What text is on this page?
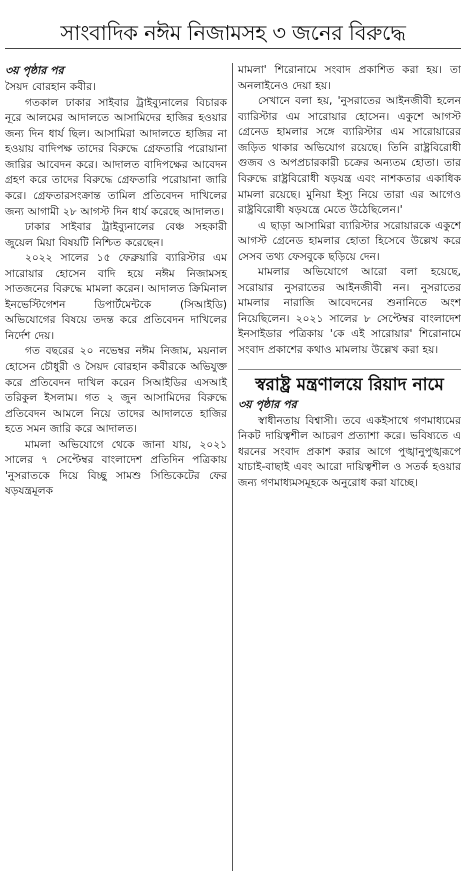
সাংবাদিক নঈম নিজামসহ ৩ জনের বিরুদ্ধে
৩য় পৃষ্ঠার পর

সৈয়দ বোরহান কবীর।

গতকাল ঢাকার সাইবার ট্রাইব্যুনালের বিচারক নূরে আলমের আদালতে আসামিদের হাজির হওয়ার জন্য দিন ধার্য ছিল। আসামিরা আদালতে হাজির না হওয়ায় বাদিপক্ষ তাদের বিরুদ্ধে গ্রেফতারি পরোয়ানা জারির আবেদন করে। আদালত বাদিপক্ষের আবেদন গ্রহণ করে তাদের বিরুদ্ধে গ্রেফতারি পরোয়ানা জারি করে। গ্রেফতারসংক্রান্ত তামিল প্রতিবেদন দাখিলের জন্য আগামী ২৮ আগস্ট দিন ধার্য করেছে আদালত।

ঢাকার সাইবার ট্রাইব্যুনালের বেঞ্চ সহকারী জুয়েল মিয়া বিষয়টি নিশ্চিত করেছেন।

২০২২ সালের ১৫ ফেব্রুয়ারি ব্যারিস্টার এম সারোয়ার হোসেন বাদি হয়ে নঈম নিজামসহ সাতজনের বিরুদ্ধে মামলা করেন। আদালত ক্রিমিনাল ইনভেস্টিগেশন ডিপার্টমেন্টকে (সিআইডি) অভিযোগের বিষয়ে তদন্ত করে প্রতিবেদন দাখিলের নির্দেশ দেয়।

গত বছরের ২০ নভেম্বর নঈম নিজাম, ময়নাল হোসেন চৌধুরী ও সৈয়দ বোরহান কবীরকে অভিযুক্ত করে প্রতিবেদন দাখিল করেন সিআইডির এসআই তরিকুল ইসলাম। গত ২ জুন আসামিদের বিরুদ্ধে প্রতিবেদন আমলে নিয়ে তাদের আদালতে হাজির হতে সমন জারি করে আদালত।

মামলা অভিযোগে থেকে জানা যায়, ২০২১ সালের ৭ সেপ্টেম্বর বাংলাদেশ প্রতিদিন পত্রিকায় 'নুসরাতকে দিয়ে বিচ্ছু সামশু সিন্ডিকেটের ফের ষড়যন্ত্রমূলক

মামলা' শিরোনামে সংবাদ প্রকাশিত করা হয়। তা অনলাইনেও দেয়া হয়।

সেখানে বলা হয়, 'নুসরাতের আইনজীবী হলেন ব্যারিস্টার এম সারোয়ার হোসেন। একুশে আগস্ট গ্রেনেড হামলার সঙ্গে ব্যারিস্টার এম সারোয়ারের জড়িত থাকার অভিযোগ রয়েছে। তিনি রাষ্ট্রবিরোধী গুজব ও অপপ্রচারকারী চক্রের অন্যতম হোতা। তার বিরুদ্ধে রাষ্ট্রবিরোধী ষড়যন্ত্র এবং নাশকতার একাধিক মামলা রয়েছে। মুনিয়া ইস্যু নিয়ে তারা এর আগেও রাষ্ট্রবিরোধী ষড়যন্ত্রে মেতে উঠেছিলেন।'

এ ছাড়া আসামিরা ব্যারিস্টার সরোয়ারকে একুশে আগস্ট গ্রেনেড হামলার হোতা হিসেবে উল্লেখ করে সেসব তথ্য ফেসবুকে ছড়িয়ে দেন।

মামলার অভিযোগে আরো বলা হয়েছে, সরোয়ার নুসরাতের আইনজীবী নন। নুসরাতের মামলার নারাজি আবেদনের শুনানিতে অংশ নিয়েছিলেন। ২০২১ সালের ৮ সেপ্টেম্বর বাংলাদেশ ইনসাইডার পত্রিকায় 'কে এই সারোয়ার' শিরোনামে সংবাদ প্রকাশের কথাও মামলায় উল্লেখ করা হয়।

স্বরাষ্ট্র মন্ত্রণালয়ে রিয়াদ নামে
৩য় পৃষ্ঠার পর

স্বাধীনতায় বিশ্বাসী। তবে একইসাথে গণমাধ্যমের নিকট দায়িত্বশীল আচরণ প্রত্যাশা করে। ভবিষ্যতে এ ধরনের সংবাদ প্রকাশ করার আগে পুঙ্খানুপুঙ্খরূপে যাচাই-বাছাই এবং আরো দায়িত্বশীল ও সতর্ক হওয়ার জন্য গণমাধ্যমসমূহকে অনুরোধ করা যাচ্ছে।
